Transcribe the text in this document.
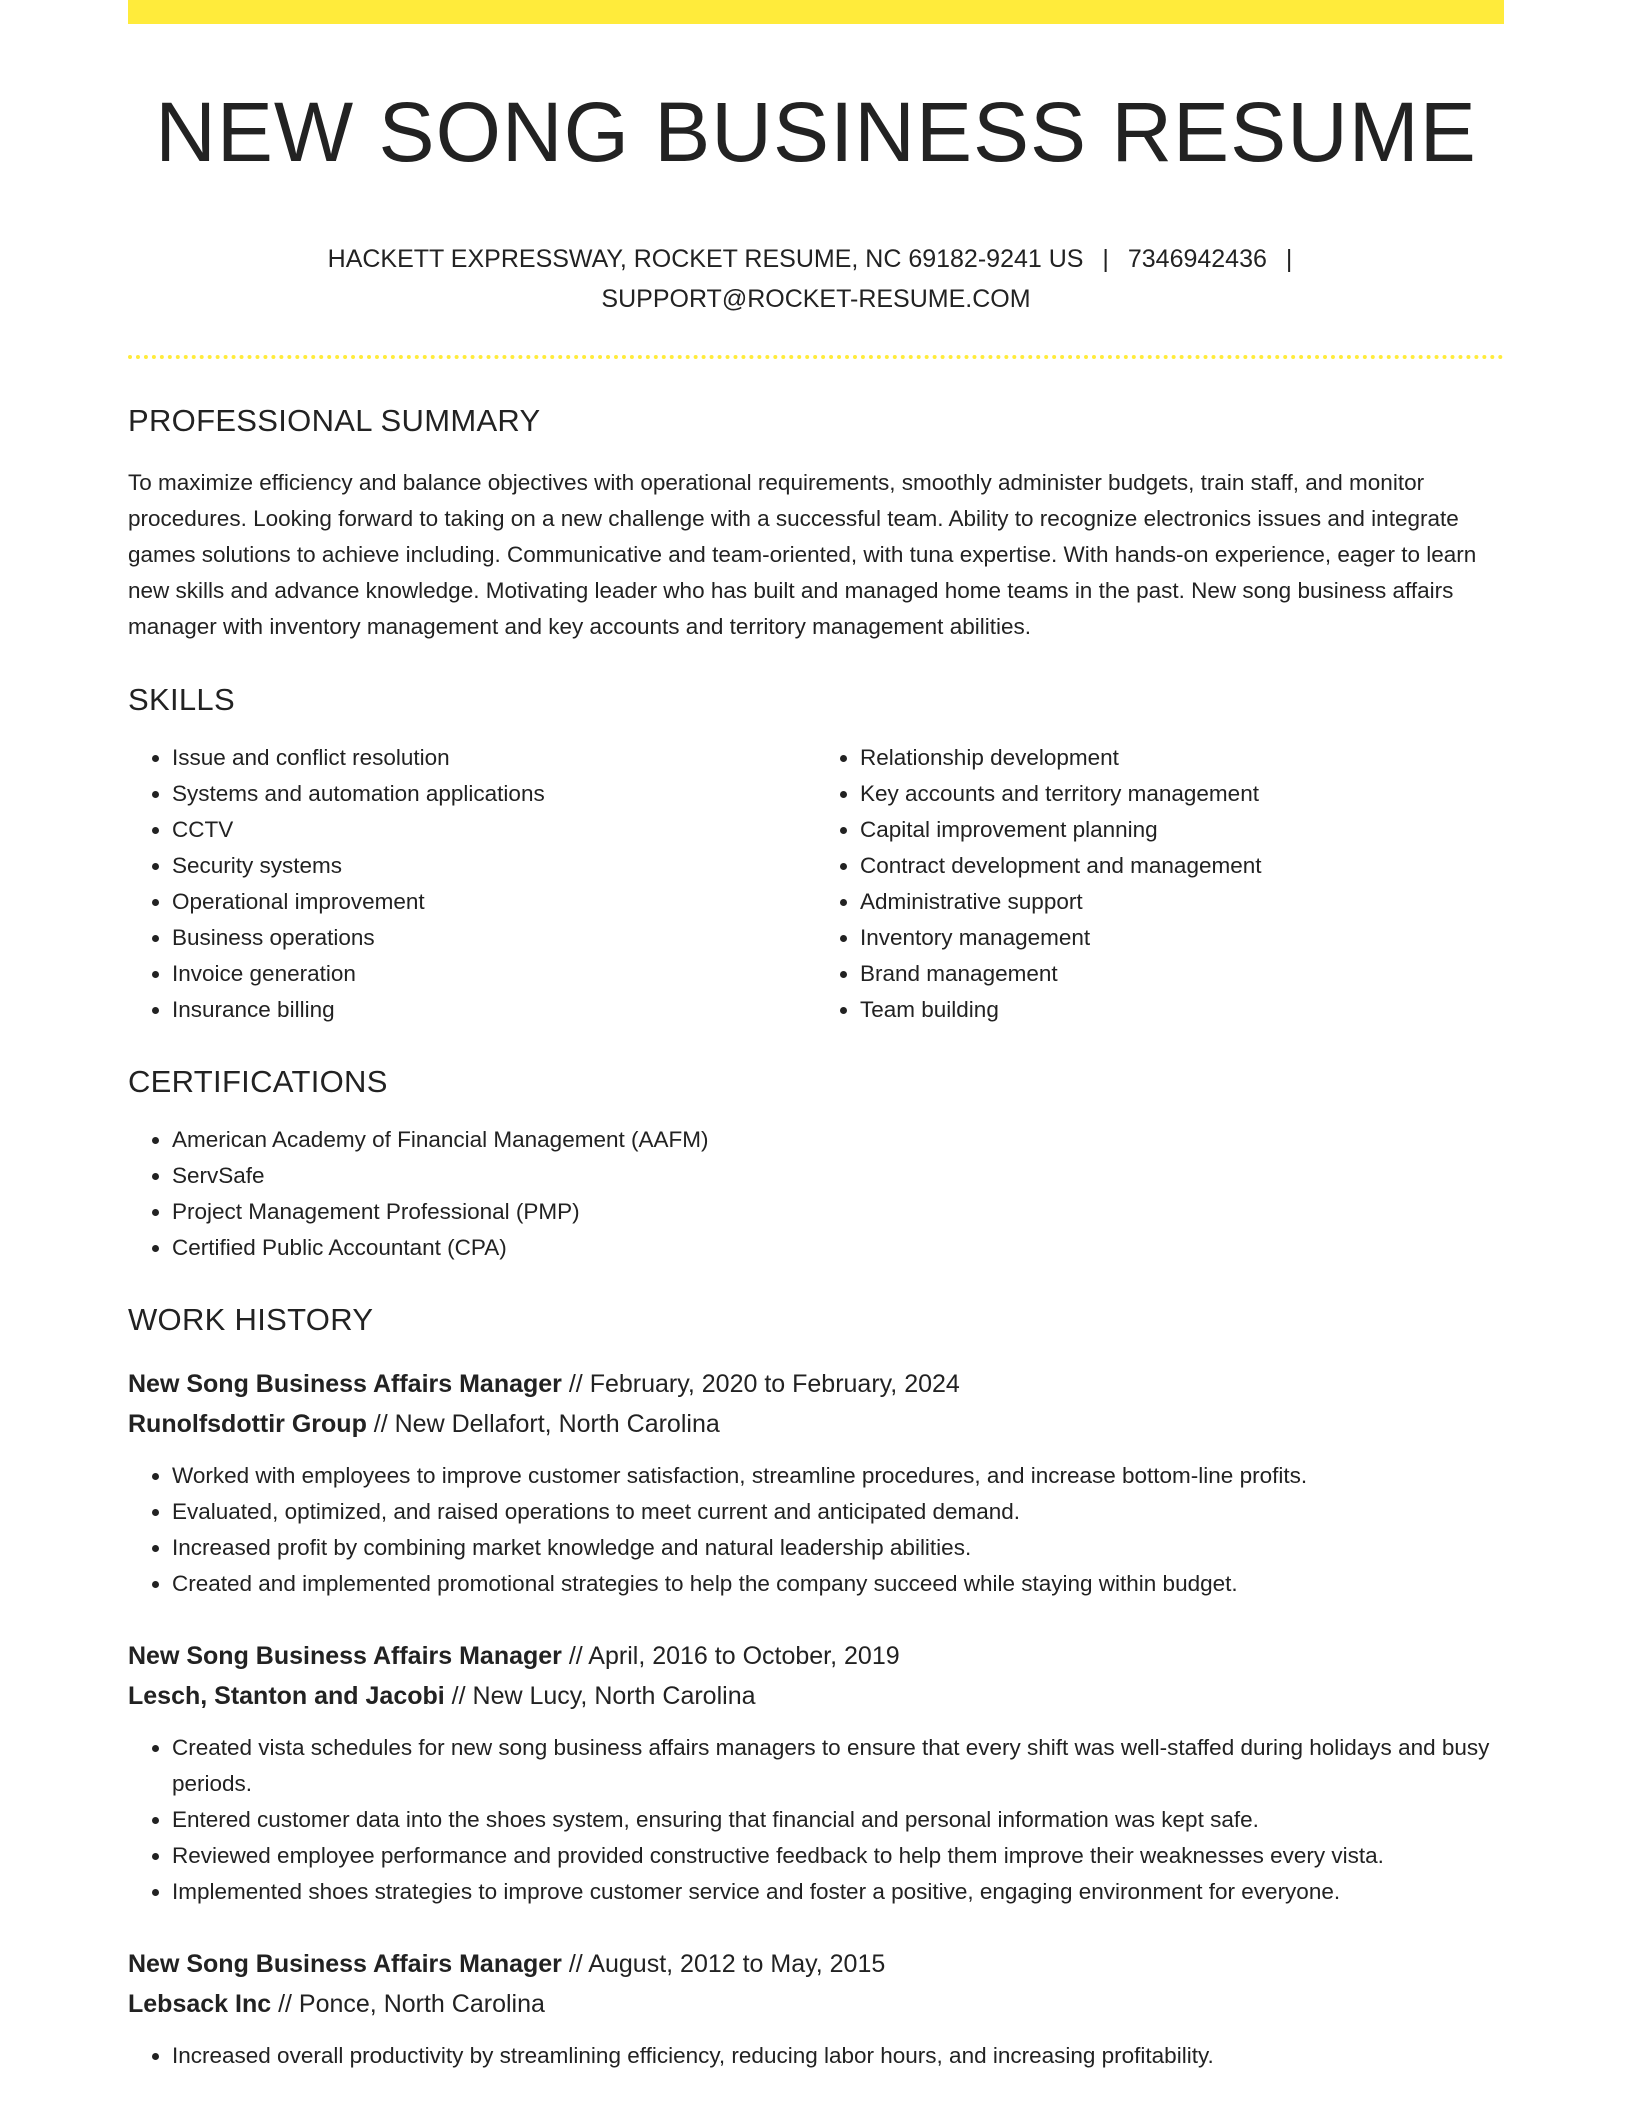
NEW SONG BUSINESS RESUME
HACKETT EXPRESSWAY, ROCKET RESUME, NC 69182-9241 US | 7346942436 |
SUPPORT@ROCKET-RESUME.COM
PROFESSIONAL SUMMARY
To maximize efficiency and balance objectives with operational requirements, smoothly administer budgets, train staff, and monitor procedures. Looking forward to taking on a new challenge with a successful team. Ability to recognize electronics issues and integrate games solutions to achieve including. Communicative and team-oriented, with tuna expertise. With hands-on experience, eager to learn new skills and advance knowledge. Motivating leader who has built and managed home teams in the past. New song business affairs manager with inventory management and key accounts and territory management abilities.
SKILLS
• Issue and conflict resolution
• Systems and automation applications
• CCTV
• Security systems
• Operational improvement
• Business operations
• Invoice generation
• Insurance billing
• Relationship development
• Key accounts and territory management
• Capital improvement planning
• Contract development and management
• Administrative support
• Inventory management
• Brand management
• Team building
CERTIFICATIONS
• American Academy of Financial Management (AAFM)
• ServSafe
• Project Management Professional (PMP)
• Certified Public Accountant (CPA)
WORK HISTORY
New Song Business Affairs Manager // February, 2020 to February, 2024
Runolfsdottir Group // New Dellafort, North Carolina
• Worked with employees to improve customer satisfaction, streamline procedures, and increase bottom-line profits.
• Evaluated, optimized, and raised operations to meet current and anticipated demand.
• Increased profit by combining market knowledge and natural leadership abilities.
• Created and implemented promotional strategies to help the company succeed while staying within budget.
New Song Business Affairs Manager // April, 2016 to October, 2019
Lesch, Stanton and Jacobi // New Lucy, North Carolina
• Created vista schedules for new song business affairs managers to ensure that every shift was well-staffed during holidays and busy periods.
• Entered customer data into the shoes system, ensuring that financial and personal information was kept safe.
• Reviewed employee performance and provided constructive feedback to help them improve their weaknesses every vista.
• Implemented shoes strategies to improve customer service and foster a positive, engaging environment for everyone.
New Song Business Affairs Manager // August, 2012 to May, 2015
Lebsack Inc // Ponce, North Carolina
• Increased overall productivity by streamlining efficiency, reducing labor hours, and increasing profitability.
